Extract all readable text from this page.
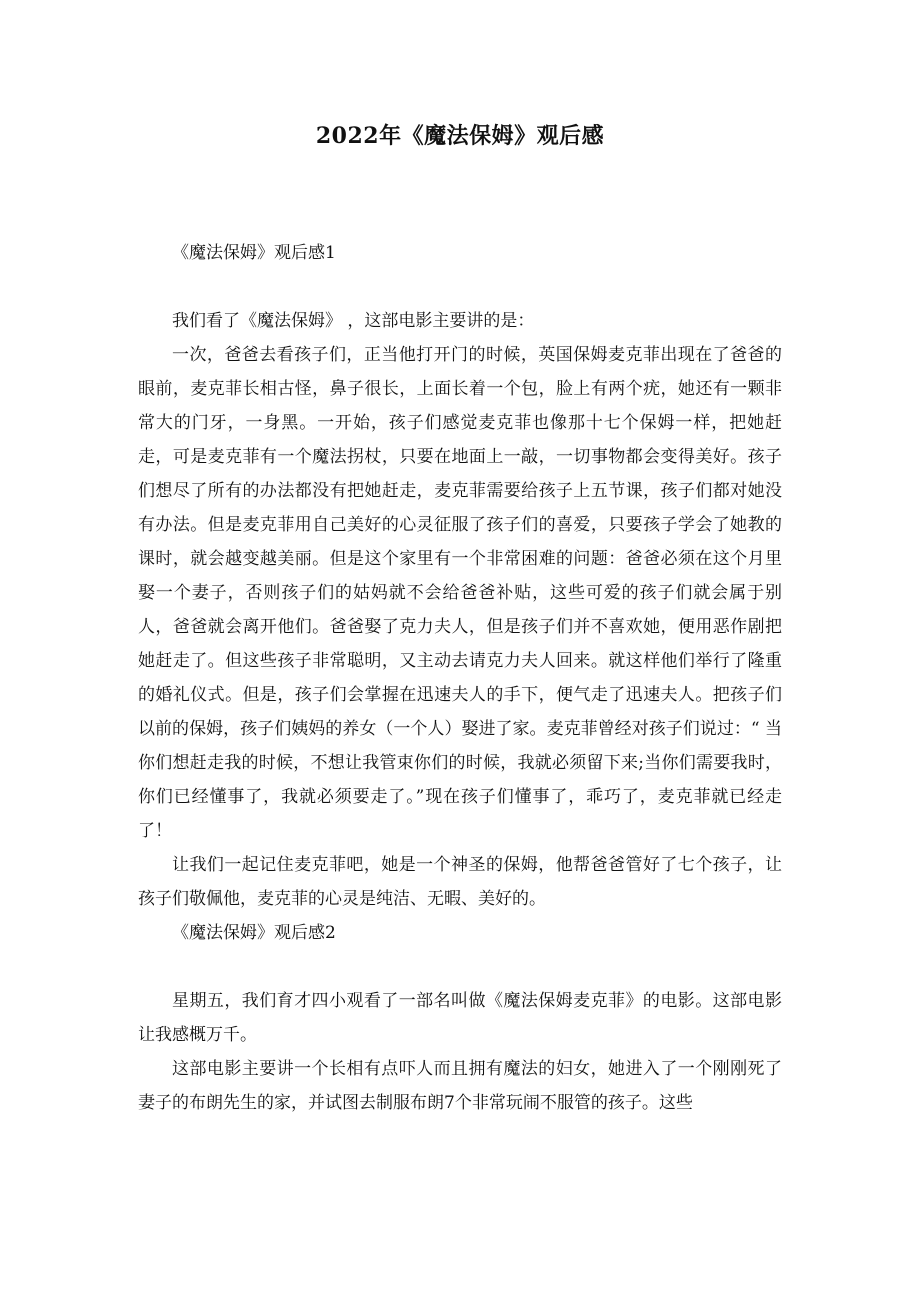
2022年《魔法保姆》观后感

《魔法保姆》观后感1

我们看了《魔法保姆》 ，这部电影主要讲的是：

一次，爸爸去看孩子们，正当他打开门的时候，英国保姆麦克菲出现在了爸爸的眼前，麦克菲长相古怪，鼻子很长，上面长着一个包，脸上有两个疣，她还有一颗非常大的门牙，一身黑。一开始，孩子们感觉麦克菲也像那十七个保姆一样，把她赶走，可是麦克菲有一个魔法拐杖，只要在地面上一敲，一切事物都会变得美好。孩子们想尽了所有的办法都没有把她赶走，麦克菲需要给孩子上五节课，孩子们都对她没有办法。但是麦克菲用自己美好的心灵征服了孩子们的喜爱，只要孩子学会了她教的课时，就会越变越美丽。但是这个家里有一个非常困难的问题：爸爸必须在这个月里娶一个妻子，否则孩子们的姑妈就不会给爸爸补贴，这些可爱的孩子们就会属于别人，爸爸就会离开他们。爸爸娶了克力夫人，但是孩子们并不喜欢她，便用恶作剧把她赶走了。但这些孩子非常聪明，又主动去请克力夫人回来。就这样他们举行了隆重的婚礼仪式。但是，孩子们会掌握在迅速夫人的手下，便气走了迅速夫人。把孩子们以前的保姆，孩子们姨妈的养女（一个人）娶进了家。麦克菲曾经对孩子们说过：“ 当你们想赶走我的时候，不想让我管束你们的时候，我就必须留下来;当你们需要我时，你们已经懂事了，我就必须要走了。”现在孩子们懂事了，乖巧了，麦克菲就已经走了！

让我们一起记住麦克菲吧，她是一个神圣的保姆，他帮爸爸管好了七个孩子，让孩子们敬佩他，麦克菲的心灵是纯洁、无暇、美好的。

《魔法保姆》观后感2

星期五，我们育才四小观看了一部名叫做《魔法保姆麦克菲》的电影。这部电影让我感概万千。

这部电影主要讲一个长相有点吓人而且拥有魔法的妇女，她进入了一个刚刚死了妻子的布朗先生的家，并试图去制服布朗7个非常玩闹不服管的孩子。这些
